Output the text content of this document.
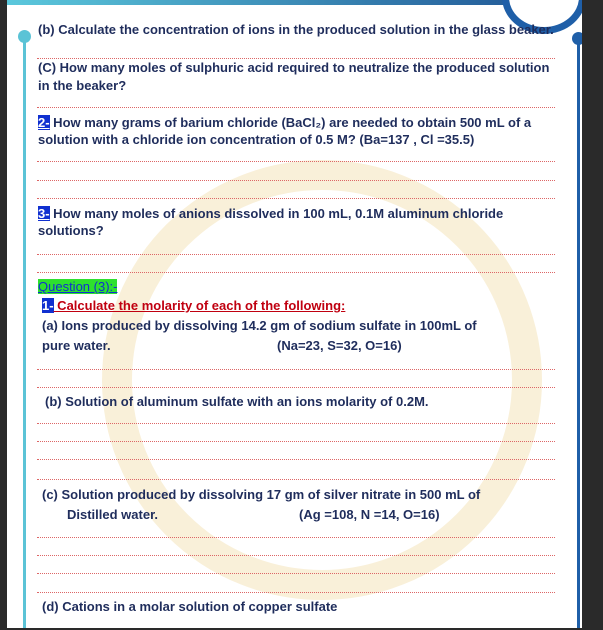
(b) Calculate the concentration of ions in the produced solution in the glass beaker.
(C) How many moles of sulphuric acid required to neutralize the produced solution
in the beaker?
2- How many grams of barium chloride (BaCl₂) are needed to obtain 500 mL of a
solution with a chloride ion concentration of 0.5 M? (Ba=137 , Cl =35.5)
3- How many moles of anions dissolved in 100 mL, 0.1M aluminum chloride
solutions?
Question (3):-
1- Calculate the molarity of each of the following:
(a) Ions produced by dissolving 14.2 gm of sodium sulfate in 100mL of
pure water.	(Na=23, S=32, O=16)
(b) Solution of aluminum sulfate with an ions molarity of 0.2M.
(c) Solution produced by dissolving 17 gm of silver nitrate in 500 mL of
Distilled water.	(Ag =108, N =14, O=16)
(d) Cations in a molar solution of copper sulfate
